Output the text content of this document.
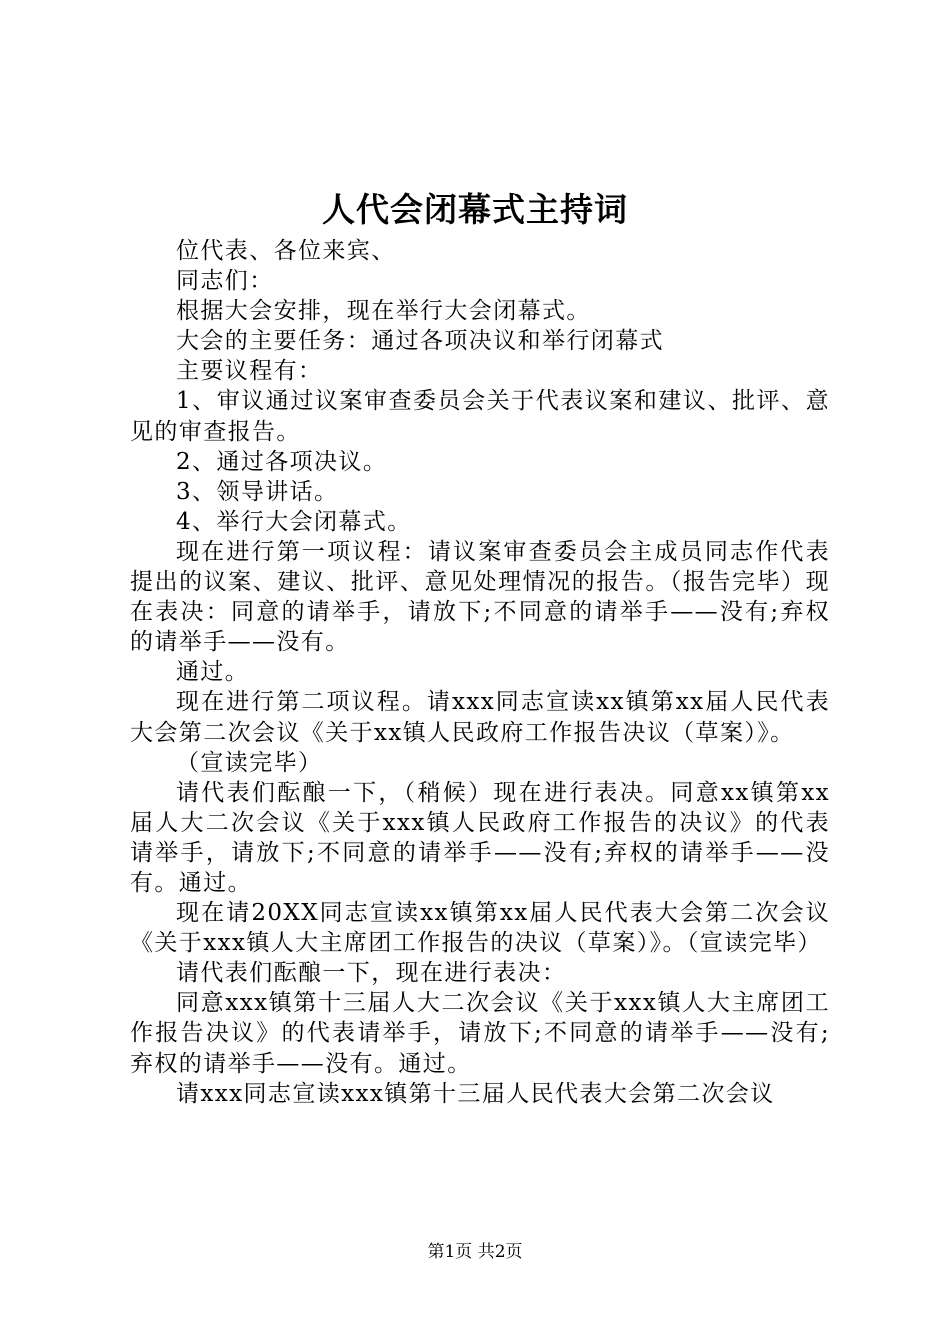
人代会闭幕式主持词

位代表、各位来宾、

同志们：

根据大会安排，现在举行大会闭幕式。

大会的主要任务：通过各项决议和举行闭幕式

主要议程有：

1、审议通过议案审查委员会关于代表议案和建议、批评、意见的审查报告。

2、通过各项决议。

3、领导讲话。

4、举行大会闭幕式。

现在进行第一项议程：请议案审查委员会主成员同志作代表提出的议案、建议、批评、意见处理情况的报告。（报告完毕）现在表决：同意的请举手，请放下;不同意的请举手——没有;弃权的请举手——没有。

通过。

现在进行第二项议程。请xxx同志宣读xx镇第xx届人民代表大会第二次会议《关于xx镇人民政府工作报告决议（草案）》。

（宣读完毕）

请代表们酝酿一下，（稍候）现在进行表决。同意xx镇第xx届人大二次会议《关于xxx镇人民政府工作报告的决议》的代表请举手，请放下;不同意的请举手——没有;弃权的请举手——没有。通过。

现在请20XX同志宣读xx镇第xx届人民代表大会第二次会议《关于xxx镇人大主席团工作报告的决议（草案）》。（宣读完毕）

请代表们酝酿一下，现在进行表决：

同意xxx镇第十三届人大二次会议《关于xxx镇人大主席团工作报告决议》的代表请举手，请放下;不同意的请举手——没有;弃权的请举手——没有。通过。

请xxx同志宣读xxx镇第十三届人民代表大会第二次会议

第1页 共2页
